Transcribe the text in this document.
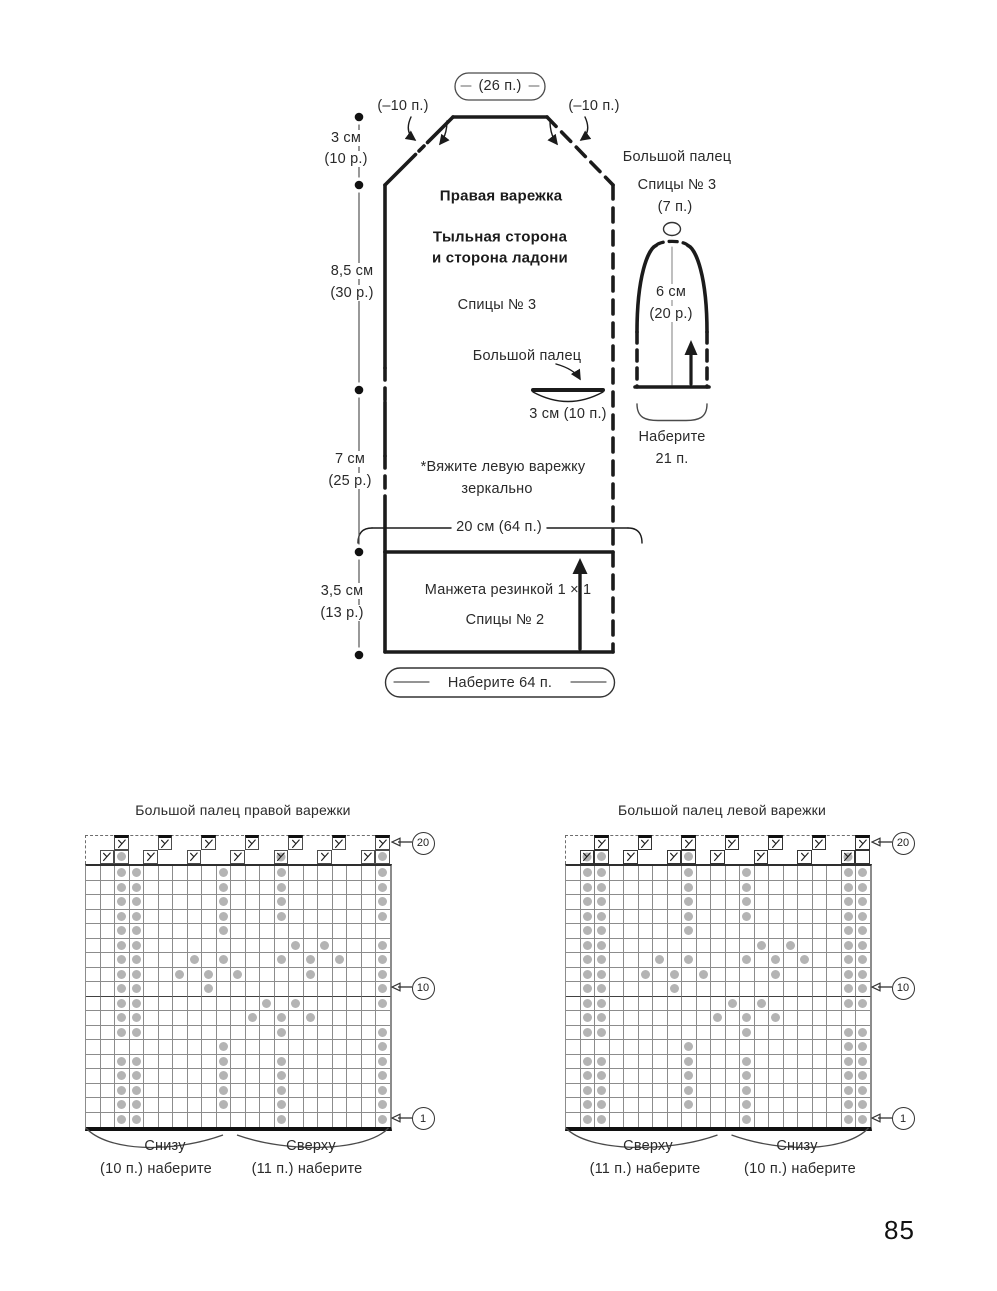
(26 п.)
(–10 п.)	(–10 п.)
3 см
(10 р.)
8,5 см
(30 р.)
7 см
(25 р.)
3,5 см
(13 р.)
Правая варежка
Тыльная сторона
и сторона ладони
Спицы № 3
Большой палец
3 см (10 п.)
*Вяжите левую варежку
зеркально
20 см (64 п.)
Манжета резинкой 1 × 1
Спицы № 2
Наберите 64 п.
Большой палец
Спицы № 3
(7 п.)
6 см
(20 р.)
Наберите
21 п.
Большой палец правой варежки	Большой палец левой варежки
20
10
1
20
10
1
Снизу
(10 п.) наберите
Сверху
(11 п.) наберите
Сверху
(11 п.) наберите
Снизу
(10 п.) наберите
85
